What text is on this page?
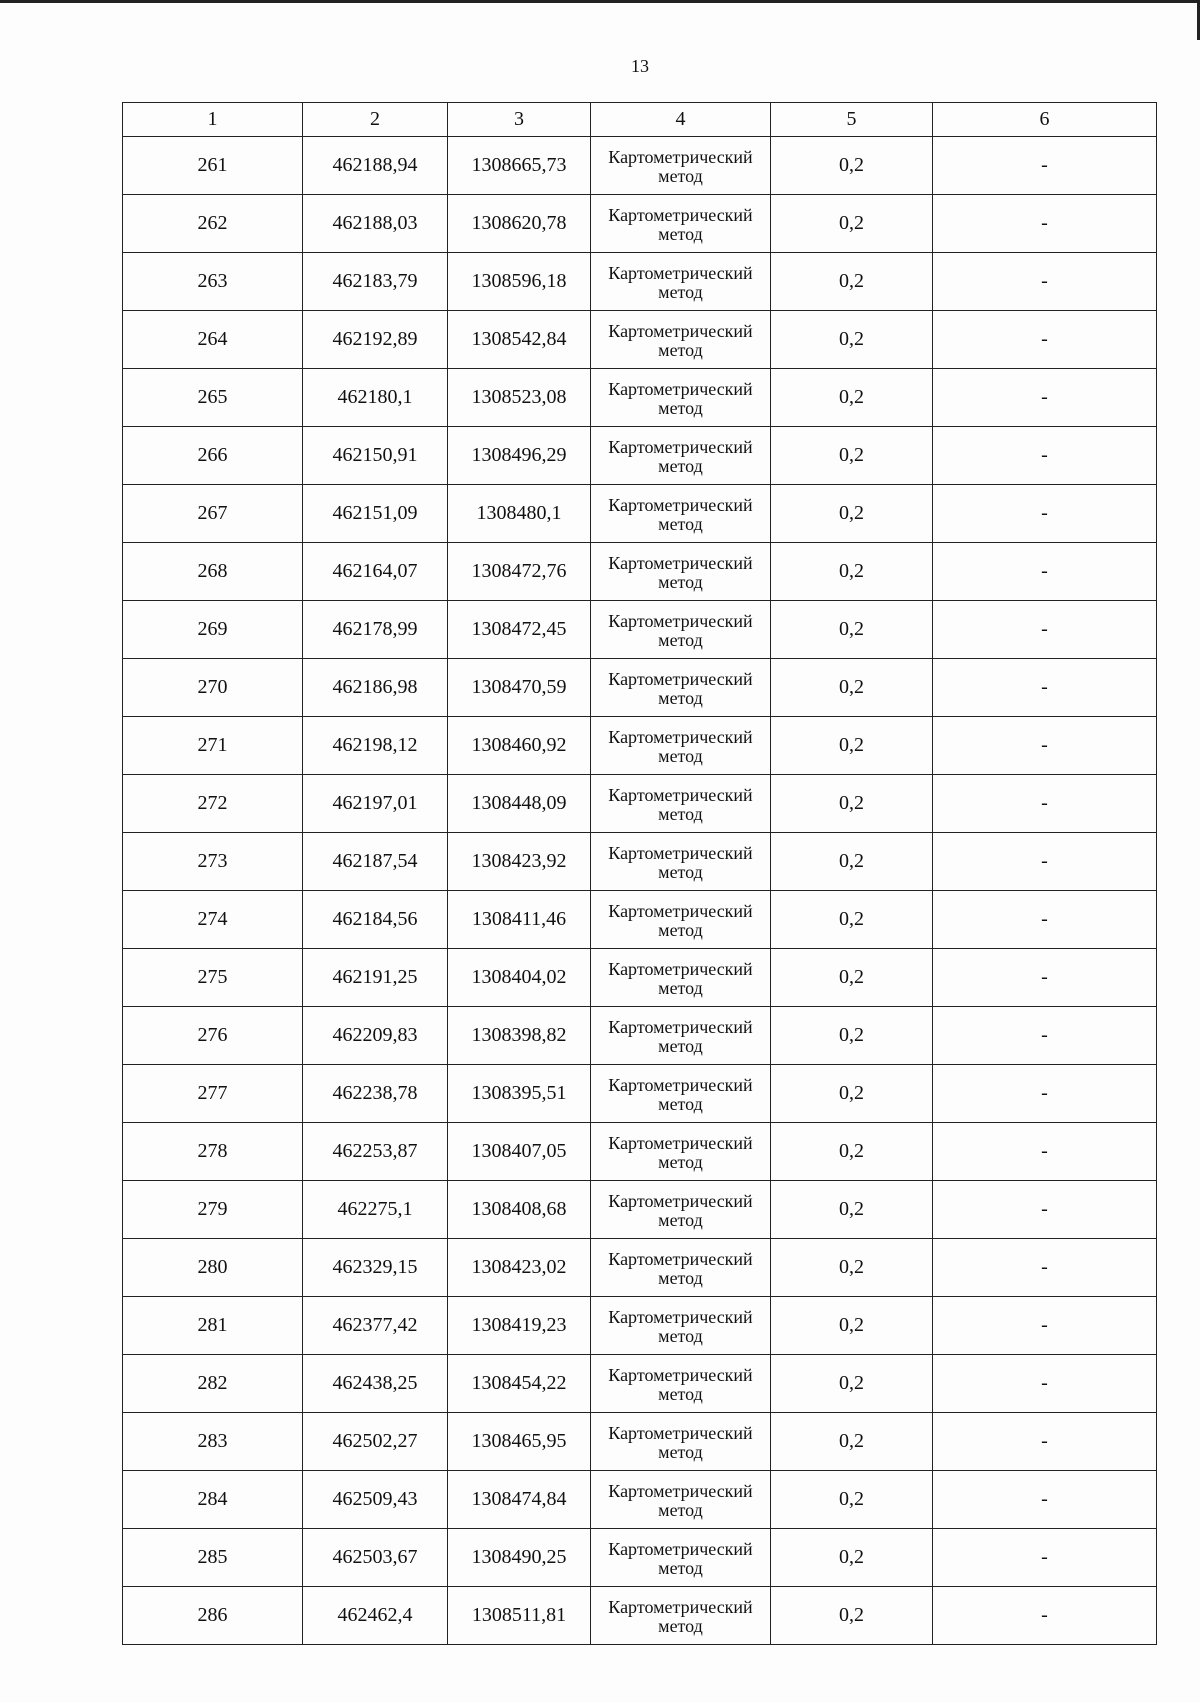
13
1	2	3	4	5	6
261	462188,94	1308665,73	Картометрический метод	0,2	-
262	462188,03	1308620,78	Картометрический метод	0,2	-
263	462183,79	1308596,18	Картометрический метод	0,2	-
264	462192,89	1308542,84	Картометрический метод	0,2	-
265	462180,1	1308523,08	Картометрический метод	0,2	-
266	462150,91	1308496,29	Картометрический метод	0,2	-
267	462151,09	1308480,1	Картометрический метод	0,2	-
268	462164,07	1308472,76	Картометрический метод	0,2	-
269	462178,99	1308472,45	Картометрический метод	0,2	-
270	462186,98	1308470,59	Картометрический метод	0,2	-
271	462198,12	1308460,92	Картометрический метод	0,2	-
272	462197,01	1308448,09	Картометрический метод	0,2	-
273	462187,54	1308423,92	Картометрический метод	0,2	-
274	462184,56	1308411,46	Картометрический метод	0,2	-
275	462191,25	1308404,02	Картометрический метод	0,2	-
276	462209,83	1308398,82	Картометрический метод	0,2	-
277	462238,78	1308395,51	Картометрический метод	0,2	-
278	462253,87	1308407,05	Картометрический метод	0,2	-
279	462275,1	1308408,68	Картометрический метод	0,2	-
280	462329,15	1308423,02	Картометрический метод	0,2	-
281	462377,42	1308419,23	Картометрический метод	0,2	-
282	462438,25	1308454,22	Картометрический метод	0,2	-
283	462502,27	1308465,95	Картометрический метод	0,2	-
284	462509,43	1308474,84	Картометрический метод	0,2	-
285	462503,67	1308490,25	Картометрический метод	0,2	-
286	462462,4	1308511,81	Картометрический метод	0,2	-
